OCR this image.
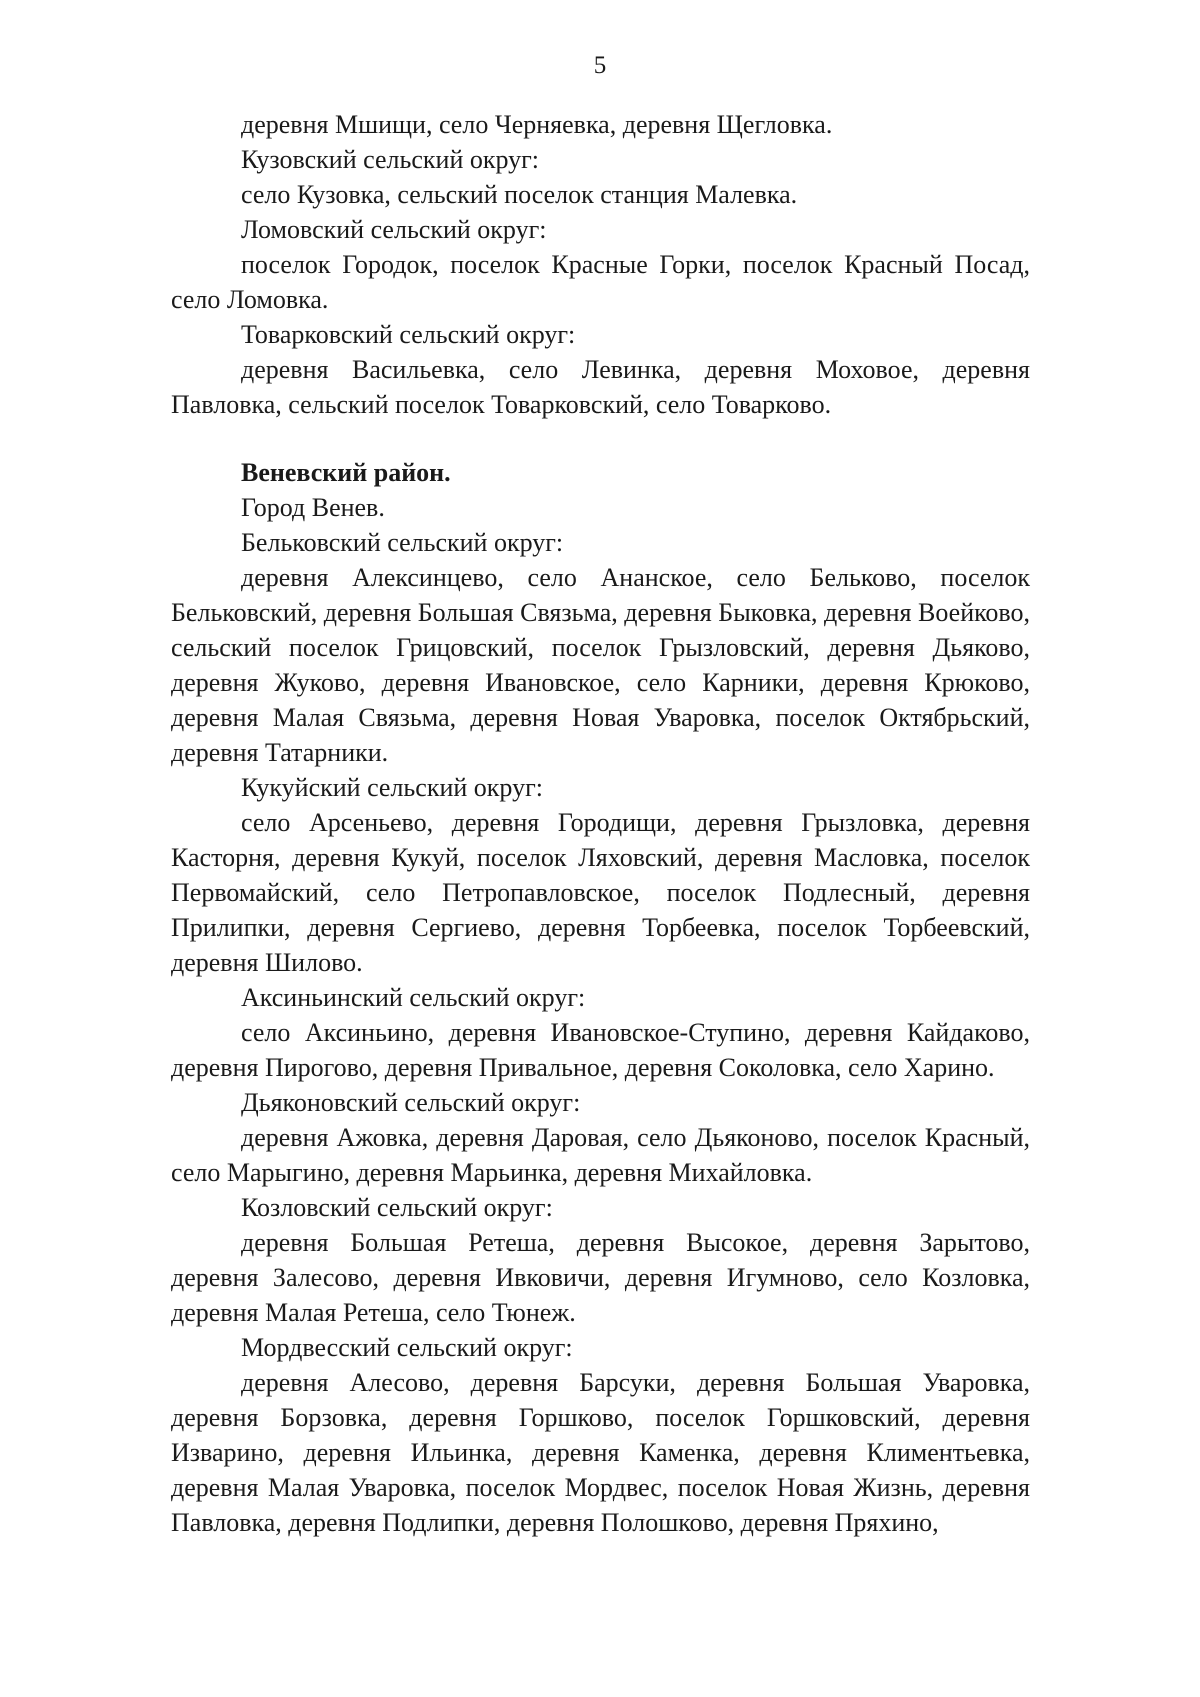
5

деревня Мшищи, село Черняевка, деревня Щегловка.

Кузовский сельский округ:

село Кузовка, сельский поселок станция Малевка.

Ломовский сельский округ:

поселок Городок, поселок Красные Горки, поселок Красный Посад, село Ломовка.

Товарковский сельский округ:

деревня Васильевка, село Левинка, деревня Моховое, деревня Павловка, сельский поселок Товарковский, село Товарково.

Веневский район.

Город Венев.

Бельковский сельский округ:

деревня Алексинцево, село Ананское, село Бельково, поселок Бельковский, деревня Большая Связьма, деревня Быковка, деревня Воейково, сельский поселок Грицовский, поселок Грызловский, деревня Дьяково, деревня Жуково, деревня Ивановское, село Карники, деревня Крюково, деревня Малая Связьма, деревня Новая Уваровка, поселок Октябрьский, деревня Татарники.

Кукуйский сельский округ:

село Арсеньево, деревня Городищи, деревня Грызловка, деревня Касторня, деревня Кукуй, поселок Ляховский, деревня Масловка, поселок Первомайский, село Петропавловское, поселок Подлесный, деревня Прилипки, деревня Сергиево, деревня Торбеевка, поселок Торбеевский, деревня Шилово.

Аксиньинский сельский округ:

село Аксиньино, деревня Ивановское-Ступино, деревня Кайдаково, деревня Пирогово, деревня Привальное, деревня Соколовка, село Харино.

Дьяконовский сельский округ:

деревня Ажовка, деревня Даровая, село Дьяконово, поселок Красный, село Марыгино, деревня Марьинка, деревня Михайловка.

Козловский сельский округ:

деревня Большая Ретеша, деревня Высокое, деревня Зарытово, деревня Залесово, деревня Ивковичи, деревня Игумново, село Козловка, деревня Малая Ретеша, село Тюнеж.

Мордвесский сельский округ:

деревня Алесово, деревня Барсуки, деревня Большая Уваровка, деревня Борзовка, деревня Горшково, поселок Горшковский, деревня Изварино, деревня Ильинка, деревня Каменка, деревня Климентьевка, деревня Малая Уваровка, поселок Мордвес, поселок Новая Жизнь, деревня Павловка, деревня Подлипки, деревня Полошково, деревня Пряхино,
